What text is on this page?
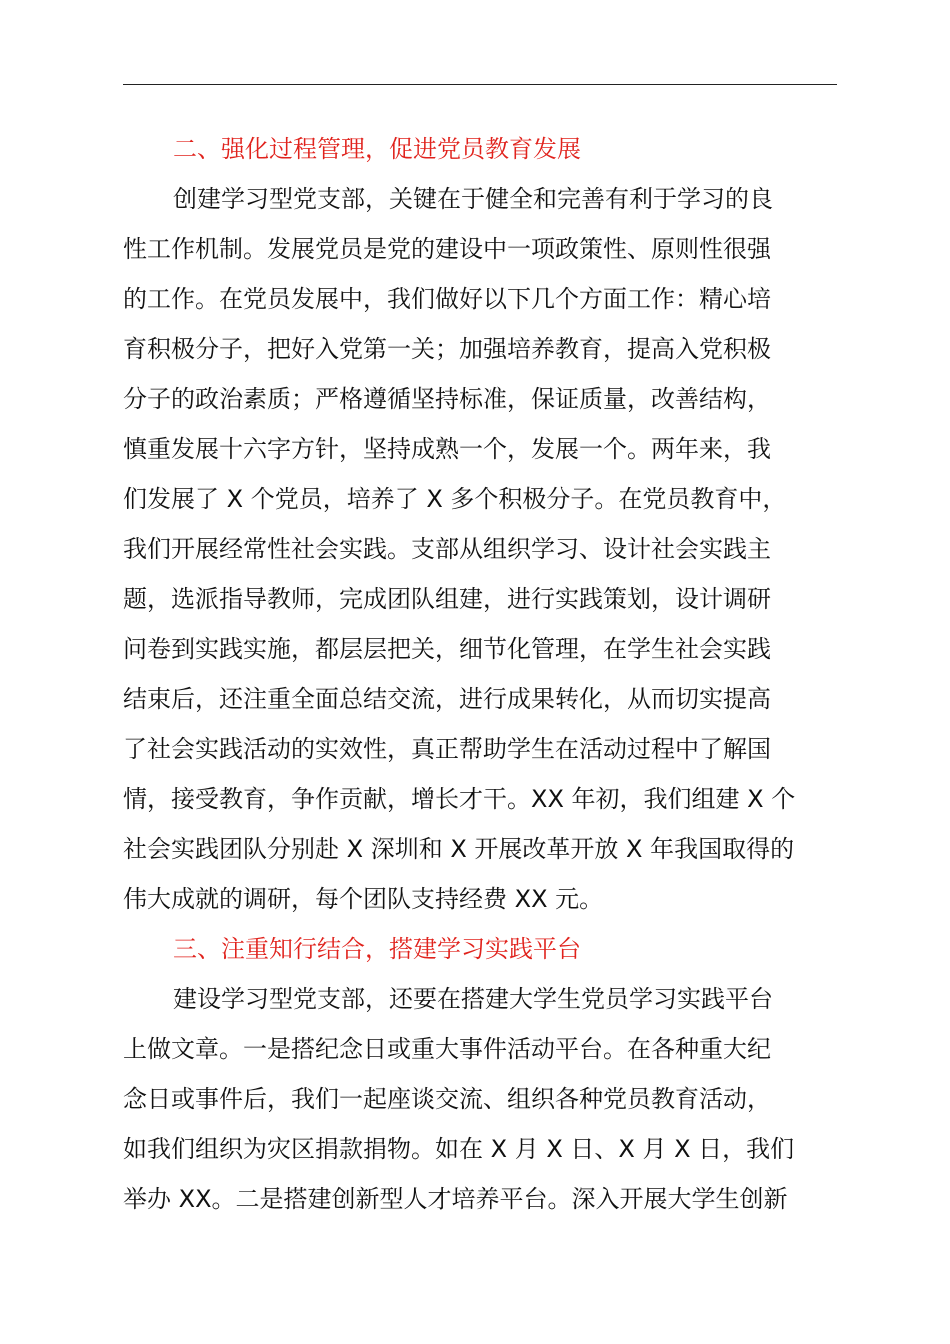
二、强化过程管理，促进党员教育发展
创建学习型党支部，关键在于健全和完善有利于学习的良
性工作机制。发展党员是党的建设中一项政策性、原则性很强
的工作。在党员发展中，我们做好以下几个方面工作：精心培
育积极分子，把好入党第一关；加强培养教育，提高入党积极
分子的政治素质；严格遵循坚持标准，保证质量，改善结构，
慎重发展十六字方针，坚持成熟一个，发展一个。两年来，我
们发展了 X 个党员，培养了 X 多个积极分子。在党员教育中，
我们开展经常性社会实践。支部从组织学习、设计社会实践主
题，选派指导教师，完成团队组建，进行实践策划，设计调研
问卷到实践实施，都层层把关，细节化管理，在学生社会实践
结束后，还注重全面总结交流，进行成果转化，从而切实提高
了社会实践活动的实效性，真正帮助学生在活动过程中了解国
情，接受教育，争作贡献，增长才干。XX 年初，我们组建 X 个
社会实践团队分别赴 X 深圳和 X 开展改革开放 X 年我国取得的
伟大成就的调研，每个团队支持经费 XX 元。
三、注重知行结合，搭建学习实践平台
建设学习型党支部，还要在搭建大学生党员学习实践平台
上做文章。一是搭纪念日或重大事件活动平台。在各种重大纪
念日或事件后，我们一起座谈交流、组织各种党员教育活动，
如我们组织为灾区捐款捐物。如在 X 月 X 日、X 月 X 日，我们
举办 XX。二是搭建创新型人才培养平台。深入开展大学生创新
